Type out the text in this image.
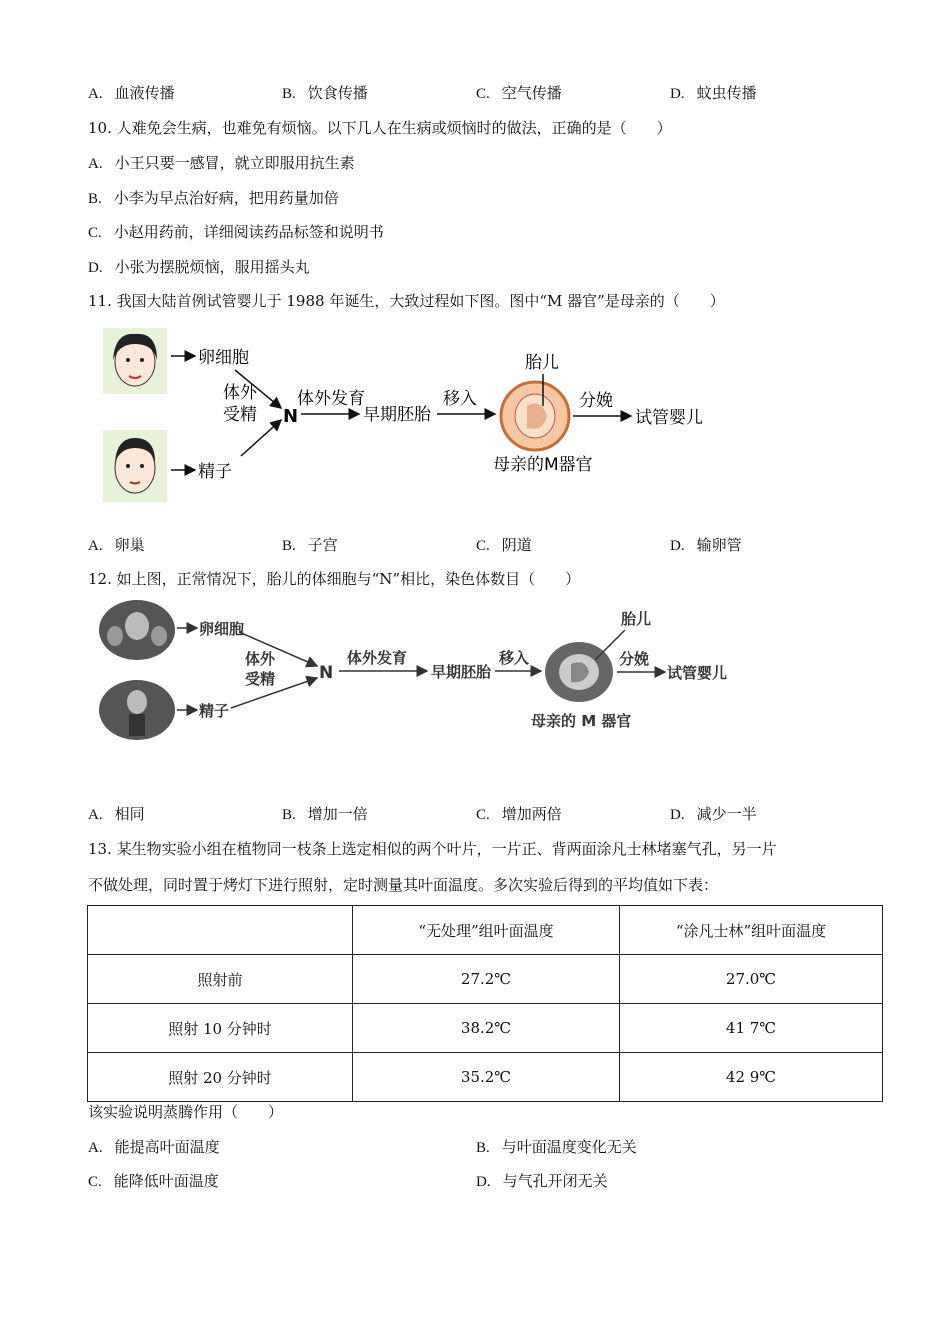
A. 血液传播	B. 饮食传播	C. 空气传播	D. 蚊虫传播
10. 人难免会生病，也难免有烦恼。以下几人在生病或烦恼时的做法，正确的是（　　）
A. 小王只要一感冒，就立即服用抗生素
B. 小李为早点治好病，把用药量加倍
C. 小赵用药前，详细阅读药品标签和说明书
D. 小张为摆脱烦恼，服用摇头丸
11. 我国大陆首例试管婴儿于 1988 年诞生，大致过程如下图。图中“M 器官”是母亲的（　　）
卵细胞
精子
体外
受精 N
体外发育
早期胚胎
移入
胎儿
母亲的M器官
分娩
试管婴儿
A. 卵巢	B. 子宫	C. 阴道	D. 输卵管
12. 如上图，正常情况下，胎儿的体细胞与“N”相比，染色体数目（　　）
卵细胞
精子
体外
受精	N
体外发育
早期胚胎
移入
胎儿
母亲的 M 器官
分娩
试管婴儿
A. 相同	B. 增加一倍	C. 增加两倍	D. 减少一半
13. 某生物实验小组在植物同一枝条上选定相似的两个叶片，一片正、背两面涂凡士林堵塞气孔，另一片
不做处理，同时置于烤灯下进行照射，定时测量其叶面温度。多次实验后得到的平均值如下表：
	“无处理”组叶面温度	“涂凡士林”组叶面温度
照射前	27.2℃	27.0℃
照射 10 分钟时	38.2℃	41 7℃
照射 20 分钟时	35.2℃	42 9℃
该实验说明蒸腾作用（　　）
A. 能提高叶面温度	B. 与叶面温度变化无关
C. 能降低叶面温度	D. 与气孔开闭无关
